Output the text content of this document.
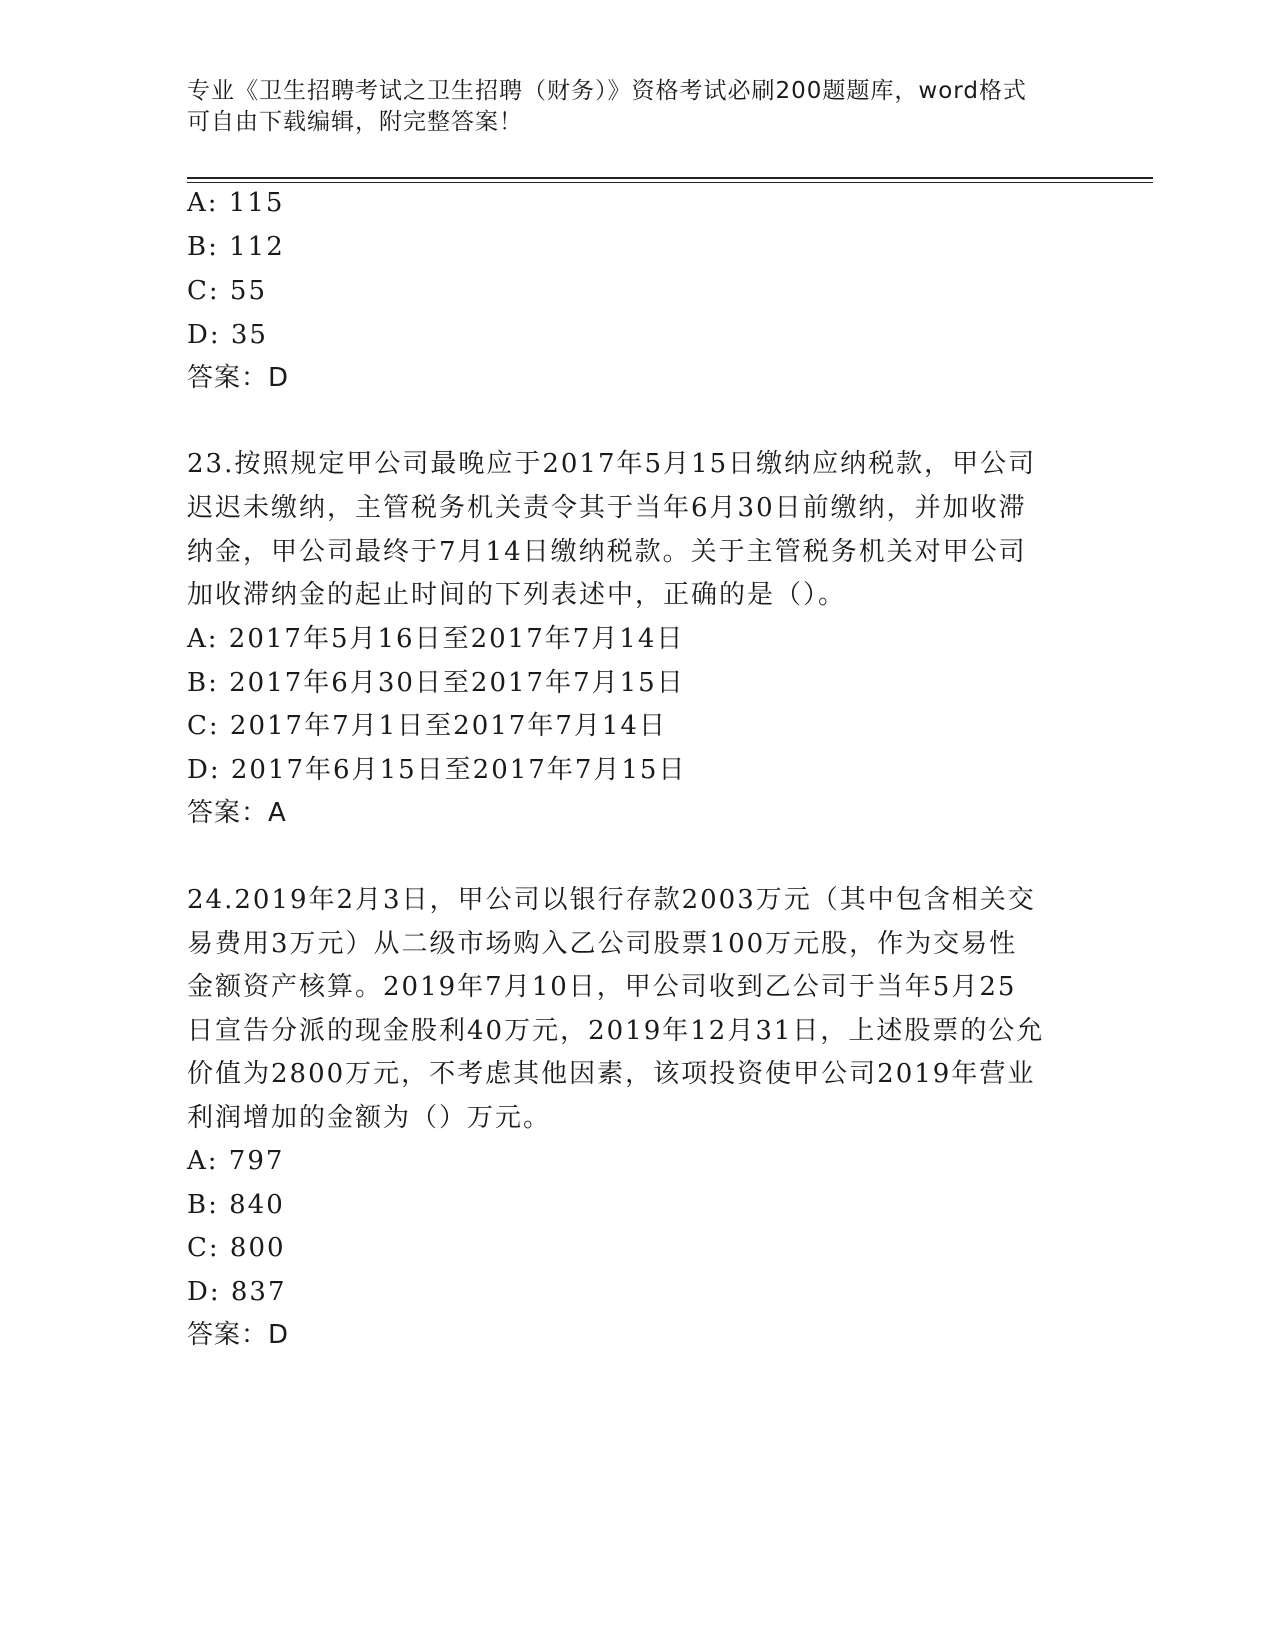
专业《卫生招聘考试之卫生招聘（财务）》资格考试必刷200题题库，word格式
可自由下载编辑，附完整答案！
A: 115
B: 112
C: 55
D: 35
答案：D
23.按照规定甲公司最晚应于2017年5月15日缴纳应纳税款，甲公司
迟迟未缴纳，主管税务机关责令其于当年6月30日前缴纳，并加收滞
纳金，甲公司最终于7月14日缴纳税款。关于主管税务机关对甲公司
加收滞纳金的起止时间的下列表述中，正确的是（）。
A: 2017年5月16日至2017年7月14日
B: 2017年6月30日至2017年7月15日
C: 2017年7月1日至2017年7月14日
D: 2017年6月15日至2017年7月15日
答案：A
24.2019年2月3日，甲公司以银行存款2003万元（其中包含相关交
易费用3万元）从二级市场购入乙公司股票100万元股，作为交易性
金额资产核算。2019年7月10日，甲公司收到乙公司于当年5月25
日宣告分派的现金股利40万元，2019年12月31日，上述股票的公允
价值为2800万元，不考虑其他因素，该项投资使甲公司2019年营业
利润增加的金额为（）万元。
A: 797
B: 840
C: 800
D: 837
答案：D
